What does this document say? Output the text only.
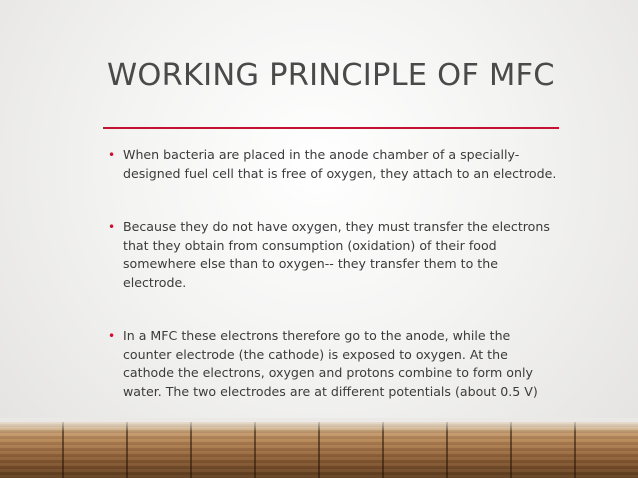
WORKING PRINCIPLE OF MFC
• When bacteria are placed in the anode chamber of a specially-designed fuel cell that is free of oxygen, they attach to an electrode.
• Because they do not have oxygen, they must transfer the electrons that they obtain from consumption (oxidation) of their food somewhere else than to oxygen-- they transfer them to the electrode.
• In a MFC these electrons therefore go to the anode, while the counter electrode (the cathode) is exposed to oxygen. At the cathode the electrons, oxygen and protons combine to form only water. The two electrodes are at different potentials (about 0.5 V)
